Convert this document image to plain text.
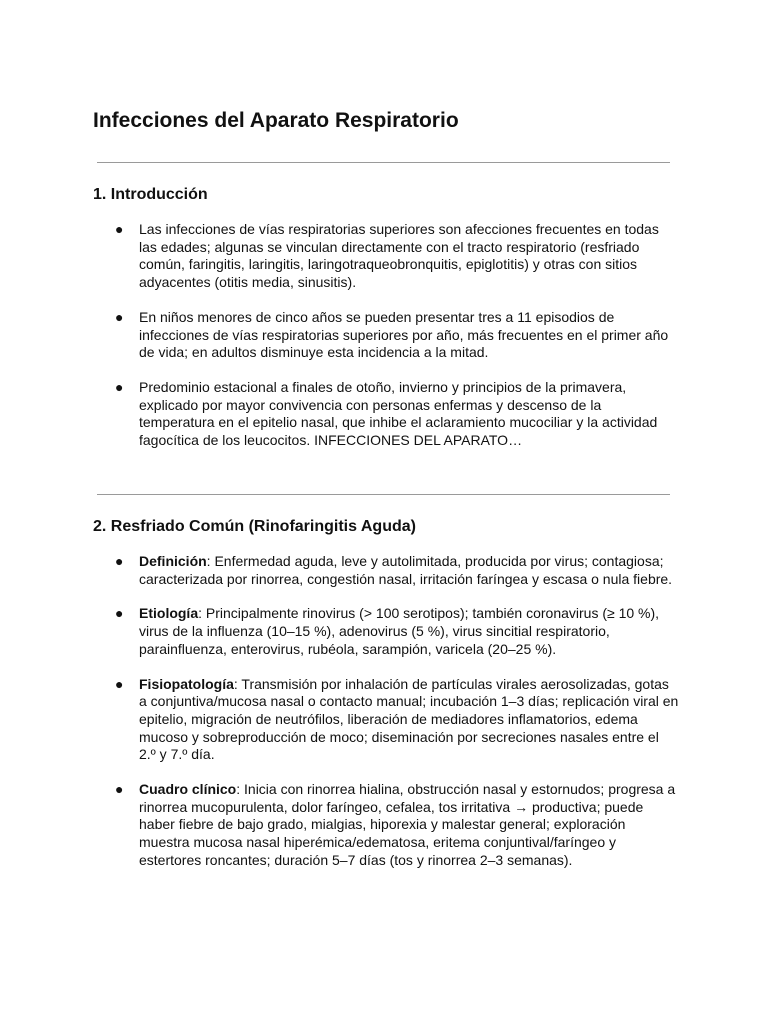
Infecciones del Aparato Respiratorio
1. Introducción
● Las infecciones de vías respiratorias superiores son afecciones frecuentes en todas las edades; algunas se vinculan directamente con el tracto respiratorio (resfriado común, faringitis, laringitis, laringotraqueobronquitis, epiglotitis) y otras con sitios adyacentes (otitis media, sinusitis).
● En niños menores de cinco años se pueden presentar tres a 11 episodios de infecciones de vías respiratorias superiores por año, más frecuentes en el primer año de vida; en adultos disminuye esta incidencia a la mitad.
● Predominio estacional a finales de otoño, invierno y principios de la primavera, explicado por mayor convivencia con personas enfermas y descenso de la temperatura en el epitelio nasal, que inhibe el aclaramiento mucociliar y la actividad fagocítica de los leucocitos. INFECCIONES DEL APARATO…
2. Resfriado Común (Rinofaringitis Aguda)
● Definición: Enfermedad aguda, leve y autolimitada, producida por virus; contagiosa; caracterizada por rinorrea, congestión nasal, irritación faríngea y escasa o nula fiebre.
● Etiología: Principalmente rinovirus (> 100 serotipos); también coronavirus (≥ 10 %), virus de la influenza (10–15 %), adenovirus (5 %), virus sincitial respiratorio, parainfluenza, enterovirus, rubéola, sarampión, varicela (20–25 %).
● Fisiopatología: Transmisión por inhalación de partículas virales aerosolizadas, gotas a conjuntiva/mucosa nasal o contacto manual; incubación 1–3 días; replicación viral en epitelio, migración de neutrófilos, liberación de mediadores inflamatorios, edema mucoso y sobreproducción de moco; diseminación por secreciones nasales entre el 2.º y 7.º día.
● Cuadro clínico: Inicia con rinorrea hialina, obstrucción nasal y estornudos; progresa a rinorrea mucopurulenta, dolor faríngeo, cefalea, tos irritativa → productiva; puede haber fiebre de bajo grado, mialgias, hiporexia y malestar general; exploración muestra mucosa nasal hiperémica/edematosa, eritema conjuntival/faríngeo y estertores roncantes; duración 5–7 días (tos y rinorrea 2–3 semanas).
